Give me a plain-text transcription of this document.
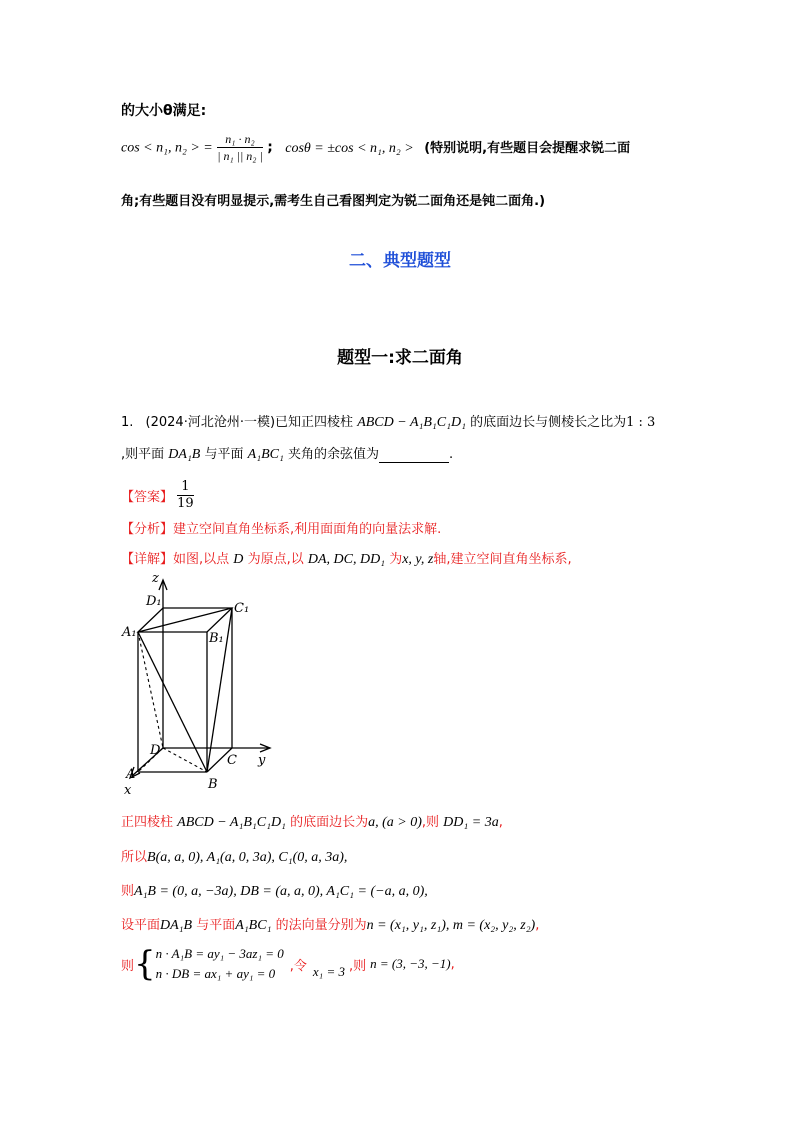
的大小θ满足:
cos < n₁, n₂ > = $\frac{\text{n₁ · n₂}}{\text{| n₁ || n₂ |}}$ ; cosθ = ±cos < n₁, n₂ > (特别说明,有些题目会提醒求锐二面
角;有些题目没有明显提示,需考生自己看图判定为锐二面角还是钝二面角.)
二、典型题型
题型一:求二面角
1. (2024·河北沧州·一模)已知正四棱柱 ABCD − A₁B₁C₁D₁ 的底面边长与侧棱长之比为1 : 3
,则平面 DA₁B 与平面 A₁BC₁ 夹角的余弦值为	.
【答案】 $\frac{1}{19}$
【分析】建立空间直角坐标系,利用面面角的向量法求解.
【详解】如图,以点 D 为原点,以 DA, DC, DD₁ 为x, y, z轴,建立空间直角坐标系,
z
y
x
D₁	C₁
A₁	B₁
D
C
A
B
正四棱柱 ABCD − A₁B₁C₁D₁ 的底面边长为a, (a > 0),则 DD₁ = 3a,
所以B(a, a, 0), A₁(a, 0, 3a), C₁(0, a, 3a),
则A₁B = (0, a, −3a), DB = (a, a, 0), A₁C₁ = (−a, a, 0),
设平面DA₁B 与平面A₁BC₁ 的法向量分别为n = (x₁, y₁, z₁), m = (x₂, y₂, z₂),
则 { n · A₁B = ay₁ − 3az₁ = 0
n · DB = ax₁ + ay₁ = 0	,令 x₁ = 3 ,则 n = (3, −3, −1) ,
